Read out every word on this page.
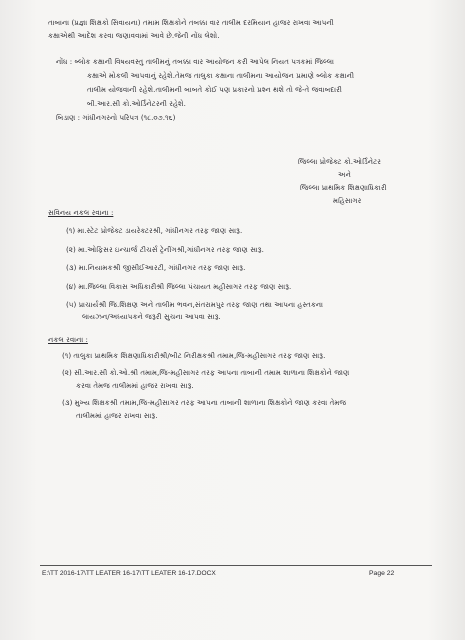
તાબાના (પ્રજ્ઞા શિક્ષકો સિવાયના) તમામ શિક્ષકોને તબક્કા વાર તાલીમ દરમિયાન હાજર રાખવા આપની
કક્ષાએથી આદેશ કરવા જણાવવામાં આવે છે.જેની નોંધ લેશો.
નોંધ : બ્લોક કક્ષાની વિષયવસ્તુ તાલીમનું તબક્કા વાર આયોજન કરી આપેલ નિયત પત્રકમાં જિલ્લા
કક્ષાએ મોકલી આપવાનું રહેશે.તેમજ તાલુકા કક્ષાના તાલીમના આયોજન પ્રમાણે બ્લોક કક્ષાની
તાલીમ યોજવાની રહેશે.તાલીમની બાબતે કોઈ પણ પ્રકારનો પ્રશ્ન થશે તો જે-તે જવાબદારી
બી.આર.સી કો.ઓર્ડિનેટરની રહેશે.
બિડાણ : ગાંધીનગરનો પરિપત્ર (૧૮.૦૭.૧૬)
જિલ્લા પ્રોજેક્ટ કો.ઓર્ડિનેટર
અને
જિલ્લા પ્રાથમિક શિક્ષણાધિકારી
મહિસાગર
સવિનય નકલ રવાના :
(૧) મા.સ્ટેટ પ્રોજેક્ટ ડાયરેક્ટરશ્રી, ગાંધીનગર તરફ જાણ સારૂ.
(૨) મા.ઓફિસર ઇન્ચાર્જ ટીચર્સ ટ્રેનીંગશ્રી,ગાંધીનગર તરફ જાણ સારૂ.
(૩) મા.નિયામકશ્રી જીસીઈઆરટી, ગાંધીનગર તરફ જાણ સારૂ.
(૪) મા.જિલ્લા વિકાસ અધિકારીશ્રી જિલ્લા પંચાયત મહીસાગર તરફ જાણ સારૂ.
(૫) પ્રાચાર્યશ્રી જિ.શિક્ષણ અને તાલીમ ભવન,સંતરામપુર તરફ જાણ તથા આપના હસ્તકના
લાયઝન/અધ્યાપકને જરૂરી સુચના આપવા સારૂ.
નકલ રવાના :
(૧) તાલુકા પ્રાથમિક શિક્ષણાધિકારીશ્રી/બીટ નિરીક્ષકશ્રી તમામ,જિ-મહીસાગર તરફ જાણ સારૂ.
(૨) સી.આર.સી કો.ઓ.શ્રી તમામ,જિ-મહીસાગર તરફ આપના તાબાની તમામ શાળાના શિક્ષકોને જાણ
કરવા તેમજ તાલીમમાં હાજર રાખવા સારૂ.
(૩) મુખ્ય શિક્ષકશ્રી તમામ,જિ-મહીસાગર તરફ આપના તાબાની શાળાના શિક્ષકોને જાણ કરવા તેમજ
તાલીમમાં હાજર રાખવા સારૂ.
E:\TT 2016-17\TT LEATER 16-17\TT LEATER 16-17.DOCX	Page 22
